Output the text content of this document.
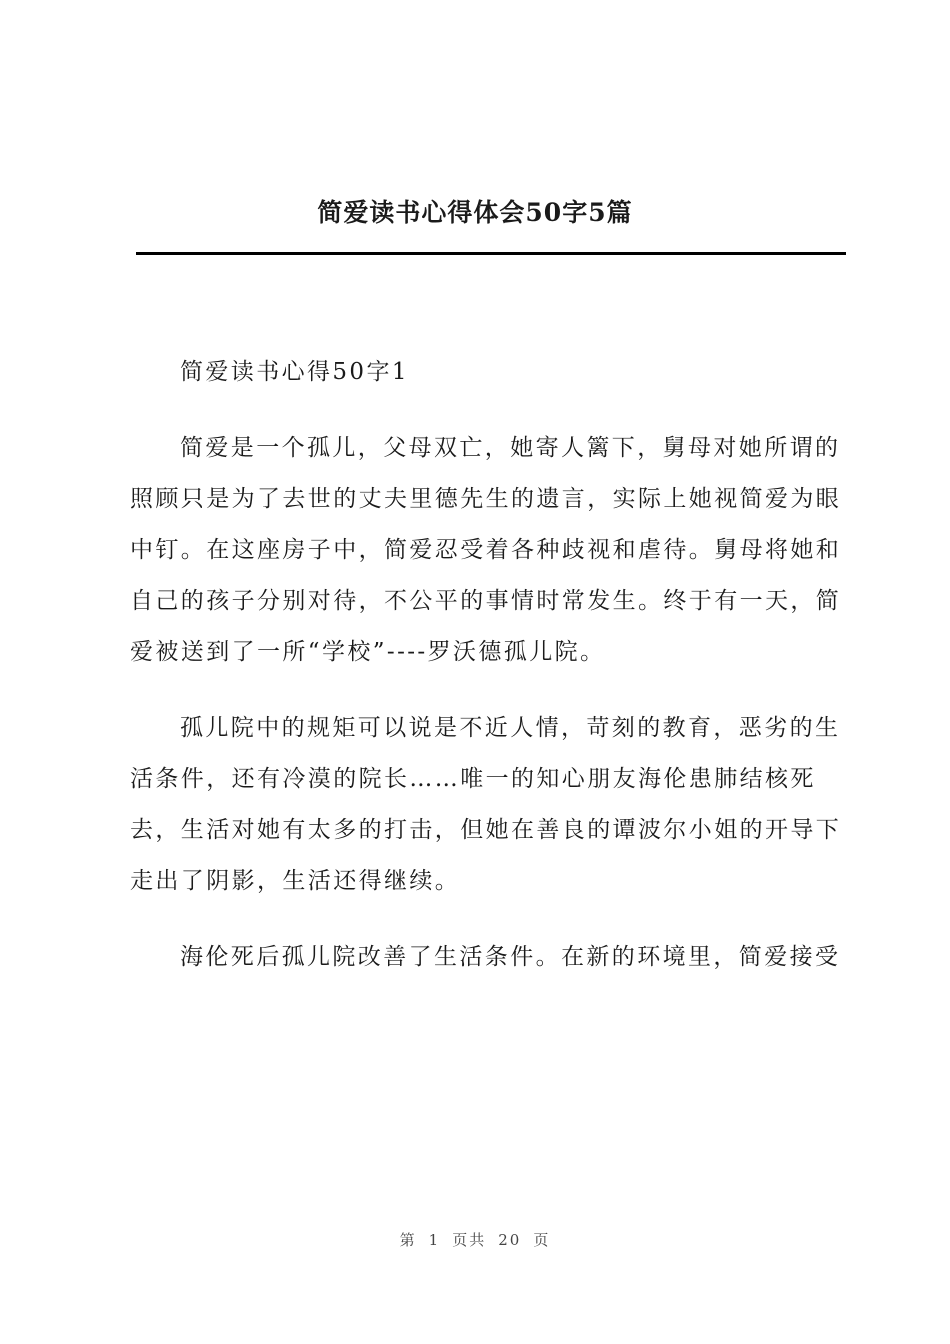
简爱读书心得体会50字5篇

简爱读书心得50字1

简爱是一个孤儿，父母双亡，她寄人篱下，舅母对她所谓的照顾只是为了去世的丈夫里德先生的遗言，实际上她视简爱为眼中钉。在这座房子中，简爱忍受着各种歧视和虐待。舅母将她和自己的孩子分别对待，不公平的事情时常发生。终于有一天，简爱被送到了一所“学校”----罗沃德孤儿院。

孤儿院中的规矩可以说是不近人情，苛刻的教育，恶劣的生活条件，还有冷漠的院长……唯一的知心朋友海伦患肺结核死去，生活对她有太多的打击，但她在善良的谭波尔小姐的开导下走出了阴影，生活还得继续。

海伦死后孤儿院改善了生活条件。在新的环境里，简爱接受

第 1 页共 20 页
